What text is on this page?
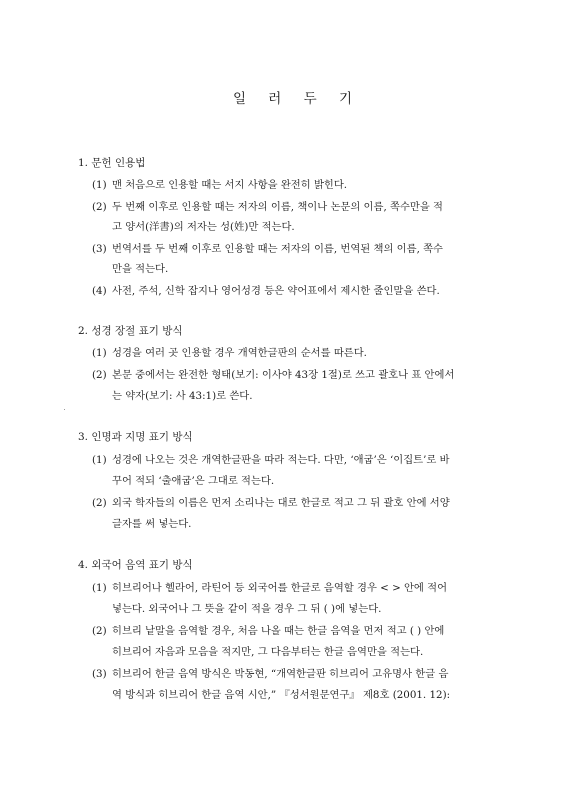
일 러 두 기
1. 문헌 인용법
(1) 맨 처음으로 인용할 때는 서지 사항을 완전히 밝힌다.
(2) 두 번째 이후로 인용할 때는 저자의 이름, 책이나 논문의 이름, 쪽수만을 적
고 양서(洋書)의 저자는 성(姓)만 적는다.
(3) 번역서를 두 번째 이후로 인용할 때는 저자의 이름, 번역된 책의 이름, 쪽수
만을 적는다.
(4) 사전, 주석, 신학 잡지나 영어성경 등은 약어표에서 제시한 줄인말을 쓴다.
2. 성경 장절 표기 방식
(1) 성경을 여러 곳 인용할 경우 개역한글판의 순서를 따른다.
(2) 본문 중에서는 완전한 형태(보기: 이사야 43장 1절)로 쓰고 괄호나 표 안에서
는 약자(보기: 사 43:1)로 쓴다.
3. 인명과 지명 표기 방식
(1) 성경에 나오는 것은 개역한글판을 따라 적는다. 다만, ‘애굽’은 ‘이집트’로 바
꾸어 적되 ‘출애굽’은 그대로 적는다.
(2) 외국 학자들의 이름은 먼저 소리나는 대로 한글로 적고 그 뒤 괄호 안에 서양
글자를 써 넣는다.
4. 외국어 음역 표기 방식
(1) 히브리어나 헬라어, 라틴어 등 외국어를 한글로 음역할 경우 < > 안에 적어
넣는다. 외국어나 그 뜻을 같이 적을 경우 그 뒤 ( )에 넣는다.
(2) 히브리 낱말을 음역할 경우, 처음 나올 때는 한글 음역을 먼저 적고 ( ) 안에
히브리어 자음과 모음을 적지만, 그 다음부터는 한글 음역만을 적는다.
(3) 히브리어 한글 음역 방식은 박동현, “개역한글판 히브리어 고유명사 한글 음
역 방식과 히브리어 한글 음역 시안,” 『성서원문연구』 제8호 (2001. 12):
